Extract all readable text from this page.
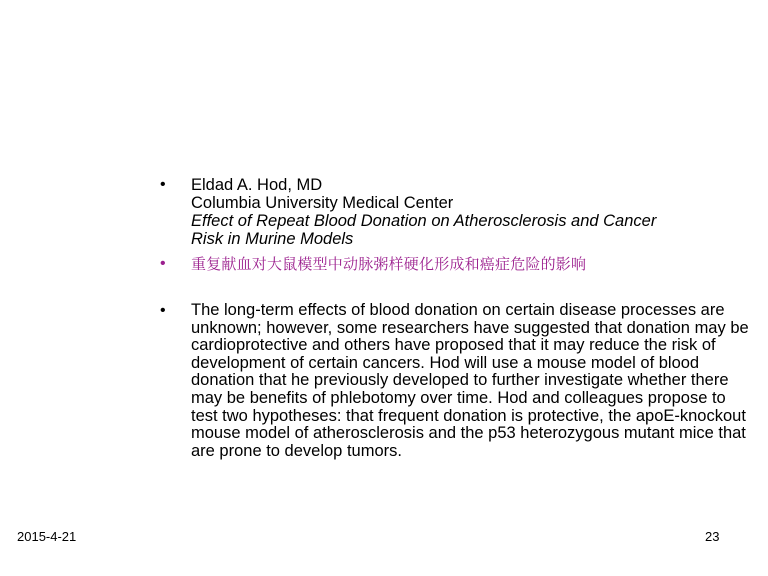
• Eldad A. Hod, MD
Columbia University Medical Center
Effect of Repeat Blood Donation on Atherosclerosis and Cancer
Risk in Murine Models
• 重复献血对大鼠模型中动脉粥样硬化形成和癌症危险的影响
• The long-term effects of blood donation on certain disease processes are unknown; however, some researchers have suggested that donation may be cardioprotective and others have proposed that it may reduce the risk of development of certain cancers. Hod will use a mouse model of blood donation that he previously developed to further investigate whether there may be benefits of phlebotomy over time. Hod and colleagues propose to test two hypotheses: that frequent donation is protective, the apoE-knockout mouse model of atherosclerosis and the p53 heterozygous mutant mice that are prone to develop tumors.
2015-4-21	23
